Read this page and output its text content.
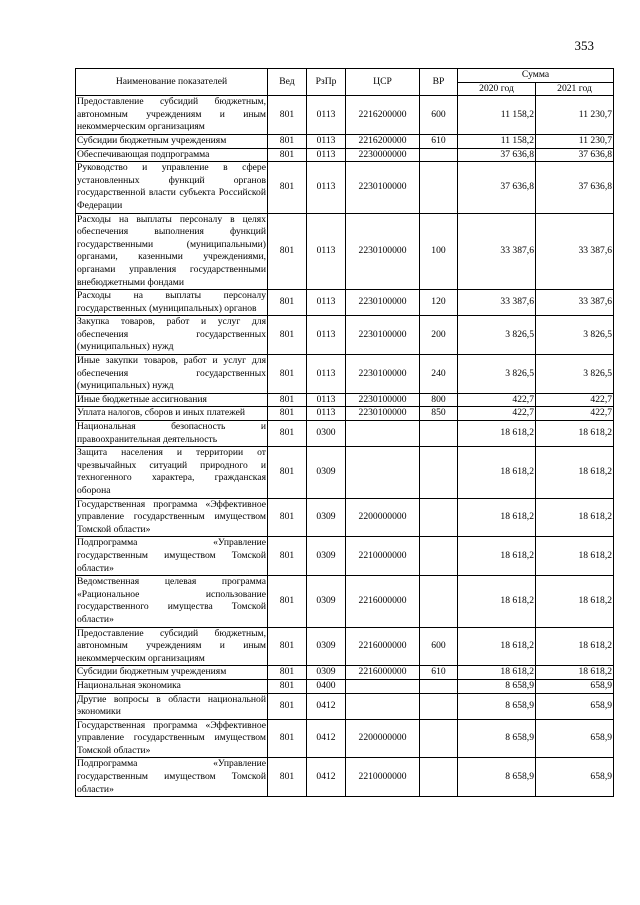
353
Наименование показателей	Вед	РзПр	ЦСР	ВР	Сумма	
					2020 год	2021 год
Предоставление субсидий бюджетным, автономным учреждениям и иным некоммерческим организациям	801	0113	2216200000	600	11 158,2	11 230,7
Субсидии бюджетным учреждениям	801	0113	2216200000	610	11 158,2	11 230,7
Обеспечивающая подпрограмма	801	0113	2230000000		37 636,8	37 636,8
Руководство и управление в сфере установленных функций органов государственной власти субъекта Российской Федерации	801	0113	2230100000		37 636,8	37 636,8
Расходы на выплаты персоналу в целях обеспечения выполнения функций государственными (муниципальными) органами, казенными учреждениями, органами управления государственными внебюджетными фондами	801	0113	2230100000	100	33 387,6	33 387,6
Расходы на выплаты персоналу государственных (муниципальных) органов	801	0113	2230100000	120	33 387,6	33 387,6
Закупка товаров, работ и услуг для обеспечения государственных (муниципальных) нужд	801	0113	2230100000	200	3 826,5	3 826,5
Иные закупки товаров, работ и услуг для обеспечения государственных (муниципальных) нужд	801	0113	2230100000	240	3 826,5	3 826,5
Иные бюджетные ассигнования	801	0113	2230100000	800	422,7	422,7
Уплата налогов, сборов и иных платежей	801	0113	2230100000	850	422,7	422,7
Национальная безопасность и правоохранительная деятельность	801	0300			18 618,2	18 618,2
Защита населения и территории от чрезвычайных ситуаций природного и техногенного характера, гражданская оборона	801	0309			18 618,2	18 618,2
Государственная программа «Эффективное управление государственным имуществом Томской области»	801	0309	2200000000		18 618,2	18 618,2
Подпрограмма «Управление государственным имуществом Томской области»	801	0309	2210000000		18 618,2	18 618,2
Ведомственная целевая программа «Рациональное использование государственного имущества Томской области»	801	0309	2216000000		18 618,2	18 618,2
Предоставление субсидий бюджетным, автономным учреждениям и иным некоммерческим организациям	801	0309	2216000000	600	18 618,2	18 618,2
Субсидии бюджетным учреждениям	801	0309	2216000000	610	18 618,2	18 618,2
Национальная экономика	801	0400			8 658,9	658,9
Другие вопросы в области национальной экономики	801	0412			8 658,9	658,9
Государственная программа «Эффективное управление государственным имуществом Томской области»	801	0412	2200000000		8 658,9	658,9
Подпрограмма «Управление государственным имуществом Томской области»	801	0412	2210000000		8 658,9	658,9
